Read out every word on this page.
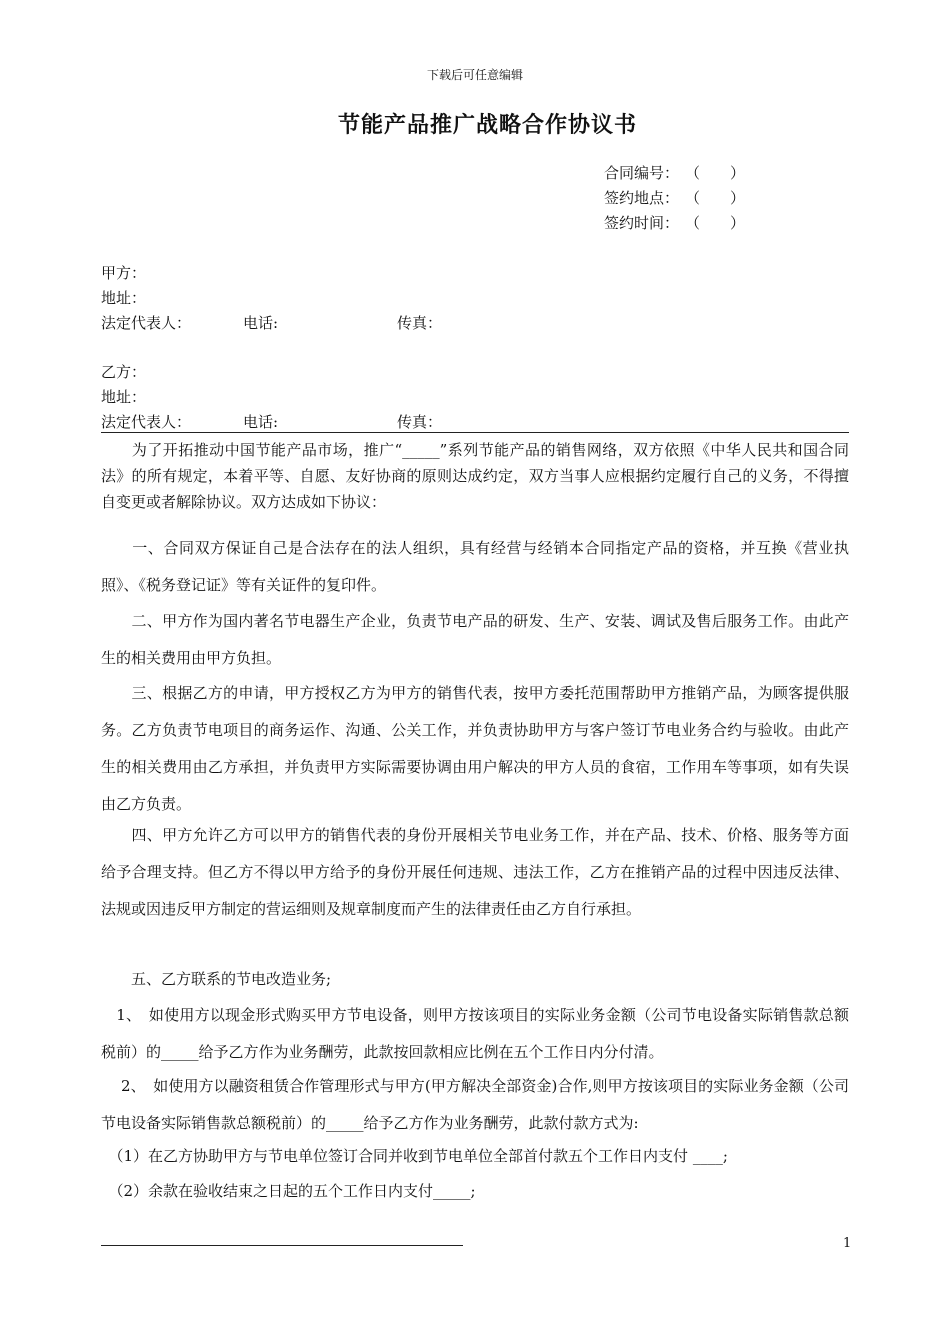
下载后可任意编辑
节能产品推广战略合作协议书
合同编号： （　　）
签约地点： （　　）
签约时间： （　　）
甲方：
地址：
法定代表人：	电话:	传真：
乙方：
地址：
法定代表人：	电话:	传真：

　　为了开拓推动中国节能产品市场，推广“_____”系列节能产品的销售网络，双方依照《中华人民共和国合同法》的所有规定，本着平等、自愿、友好协商的原则达成约定，双方当事人应根据约定履行自己的义务，不得擅自变更或者解除协议。双方达成如下协议：

　　一、合同双方保证自己是合法存在的法人组织，具有经营与经销本合同指定产品的资格，并互换《营业执照》、《税务登记证》等有关证件的复印件。

　　二、甲方作为国内著名节电器生产企业，负责节电产品的研发、生产、安装、调试及售后服务工作。由此产生的相关费用由甲方负担。

　　三、根据乙方的申请，甲方授权乙方为甲方的销售代表，按甲方委托范围帮助甲方推销产品，为顾客提供服务。乙方负责节电项目的商务运作、沟通、公关工作，并负责协助甲方与客户签订节电业务合约与验收。由此产生的相关费用由乙方承担，并负责甲方实际需要协调由用户解决的甲方人员的食宿，工作用车等事项，如有失误由乙方负责。

　　四、甲方允许乙方可以甲方的销售代表的身份开展相关节电业务工作，并在产品、技术、价格、服务等方面给予合理支持。但乙方不得以甲方给予的身份开展任何违规、违法工作，乙方在推销产品的过程中因违反法律、法规或因违反甲方制定的营运细则及规章制度而产生的法律责任由乙方自行承担。

　　五、乙方联系的节电改造业务;

　1、　如使用方以现金形式购买甲方节电设备，则甲方按该项目的实际业务金额（公司节电设备实际销售款总额税前）的_____给予乙方作为业务酬劳，此款按回款相应比例在五个工作日内分付清。

　 2、　如使用方以融资租赁合作管理形式与甲方(甲方解决全部资金)合作,则甲方按该项目的实际业务金额（公司节电设备实际销售款总额税前）的_____给予乙方作为业务酬劳，此款付款方式为:

　（1）在乙方协助甲方与节电单位签订合同并收到节电单位全部首付款五个工作日内支付 ____;

　（2）余款在验收结束之日起的五个工作日内支付_____;

1
